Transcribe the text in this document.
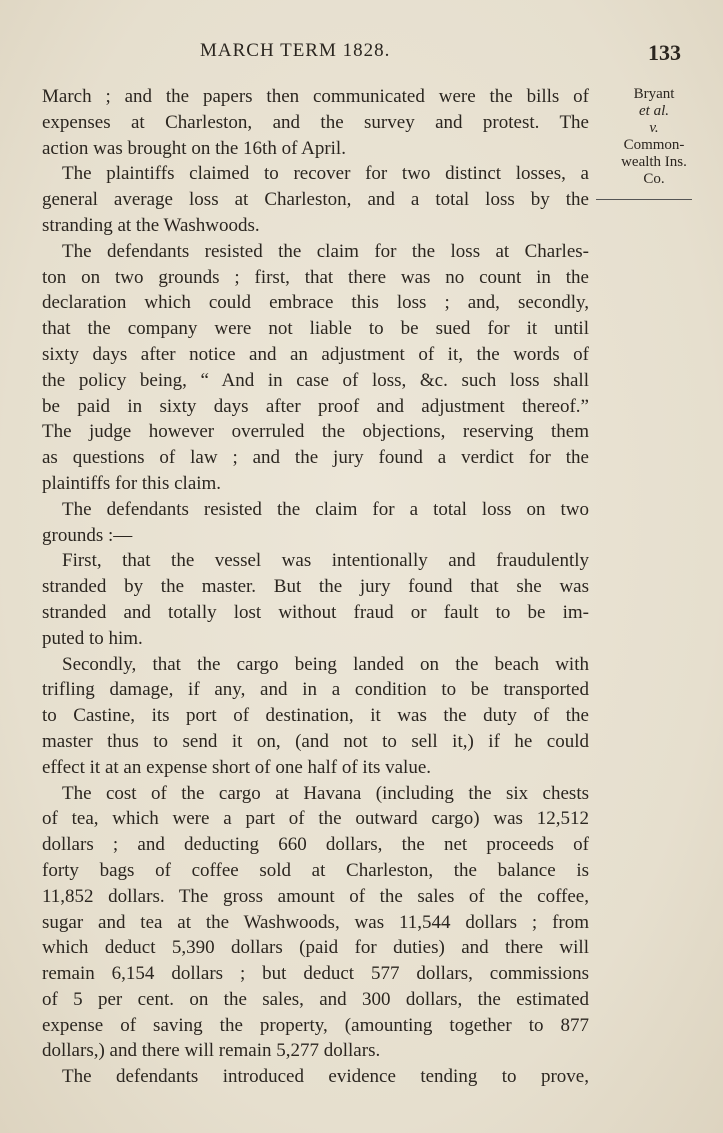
MARCH TERM 1828.	133
Bryant
et al.
v.
Common-
wealth Ins.
Co.
March ; and the papers then communicated were the bills of
expenses at Charleston, and the survey and protest. The
action was brought on the 16th of April.
The plaintiffs claimed to recover for two distinct losses, a
general average loss at Charleston, and a total loss by the
stranding at the Washwoods.
The defendants resisted the claim for the loss at Charles-
ton on two grounds ; first, that there was no count in the
declaration which could embrace this loss ; and, secondly,
that the company were not liable to be sued for it until
sixty days after notice and an adjustment of it, the words of
the policy being, “ And in case of loss, &c. such loss shall
be paid in sixty days after proof and adjustment thereof.”
The judge however overruled the objections, reserving them
as questions of law ; and the jury found a verdict for the
plaintiffs for this claim.
The defendants resisted the claim for a total loss on two
grounds :—
First, that the vessel was intentionally and fraudulently
stranded by the master. But the jury found that she was
stranded and totally lost without fraud or fault to be im-
puted to him.
Secondly, that the cargo being landed on the beach with
trifling damage, if any, and in a condition to be transported
to Castine, its port of destination, it was the duty of the
master thus to send it on, (and not to sell it,) if he could
effect it at an expense short of one half of its value.
The cost of the cargo at Havana (including the six chests
of tea, which were a part of the outward cargo) was 12,512
dollars ; and deducting 660 dollars, the net proceeds of
forty bags of coffee sold at Charleston, the balance is
11,852 dollars. The gross amount of the sales of the coffee,
sugar and tea at the Washwoods, was 11,544 dollars ; from
which deduct 5,390 dollars (paid for duties) and there will
remain 6,154 dollars ; but deduct 577 dollars, commissions
of 5 per cent. on the sales, and 300 dollars, the estimated
expense of saving the property, (amounting together to 877
dollars,) and there will remain 5,277 dollars.
The defendants introduced evidence tending to prove,
